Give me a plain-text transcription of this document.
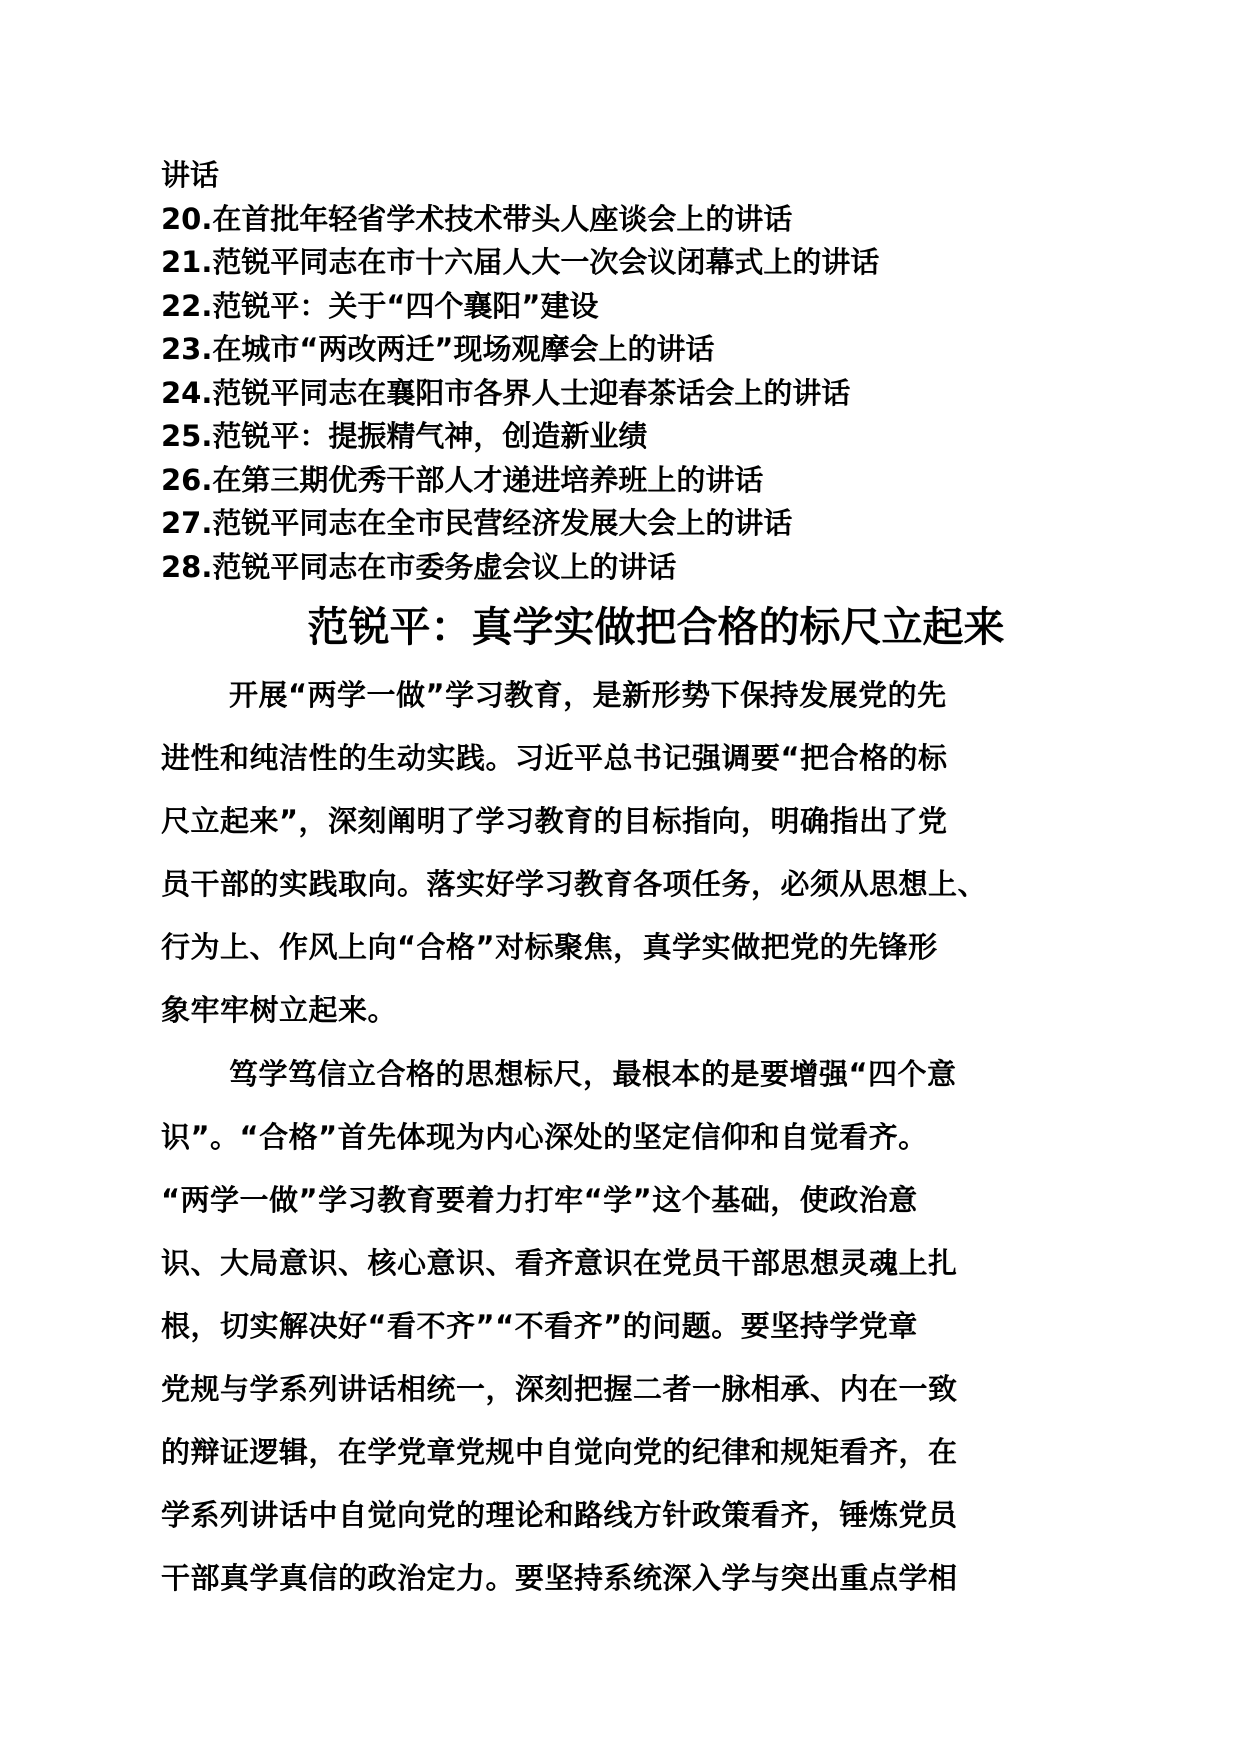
讲话
20.在首批年轻省学术技术带头人座谈会上的讲话
21.范锐平同志在市十六届人大一次会议闭幕式上的讲话
22.范锐平：关于“四个襄阳”建设
23.在城市“两改两迁”现场观摩会上的讲话
24.范锐平同志在襄阳市各界人士迎春茶话会上的讲话
25.范锐平：提振精气神，创造新业绩
26.在第三期优秀干部人才递进培养班上的讲话
27.范锐平同志在全市民营经济发展大会上的讲话
28.范锐平同志在市委务虚会议上的讲话
范锐平：真学实做把合格的标尺立起来

开展“两学一做”学习教育，是新形势下保持发展党的先
进性和纯洁性的生动实践。习近平总书记强调要“把合格的标
尺立起来”，深刻阐明了学习教育的目标指向，明确指出了党
员干部的实践取向。落实好学习教育各项任务，必须从思想上、
行为上、作风上向“合格”对标聚焦，真学实做把党的先锋形
象牢牢树立起来。

笃学笃信立合格的思想标尺，最根本的是要增强“四个意
识”。“合格”首先体现为内心深处的坚定信仰和自觉看齐。
“两学一做”学习教育要着力打牢“学”这个基础，使政治意
识、大局意识、核心意识、看齐意识在党员干部思想灵魂上扎
根，切实解决好“看不齐”“不看齐”的问题。要坚持学党章
党规与学系列讲话相统一，深刻把握二者一脉相承、内在一致
的辩证逻辑，在学党章党规中自觉向党的纪律和规矩看齐，在
学系列讲话中自觉向党的理论和路线方针政策看齐，锤炼党员
干部真学真信的政治定力。要坚持系统深入学与突出重点学相
